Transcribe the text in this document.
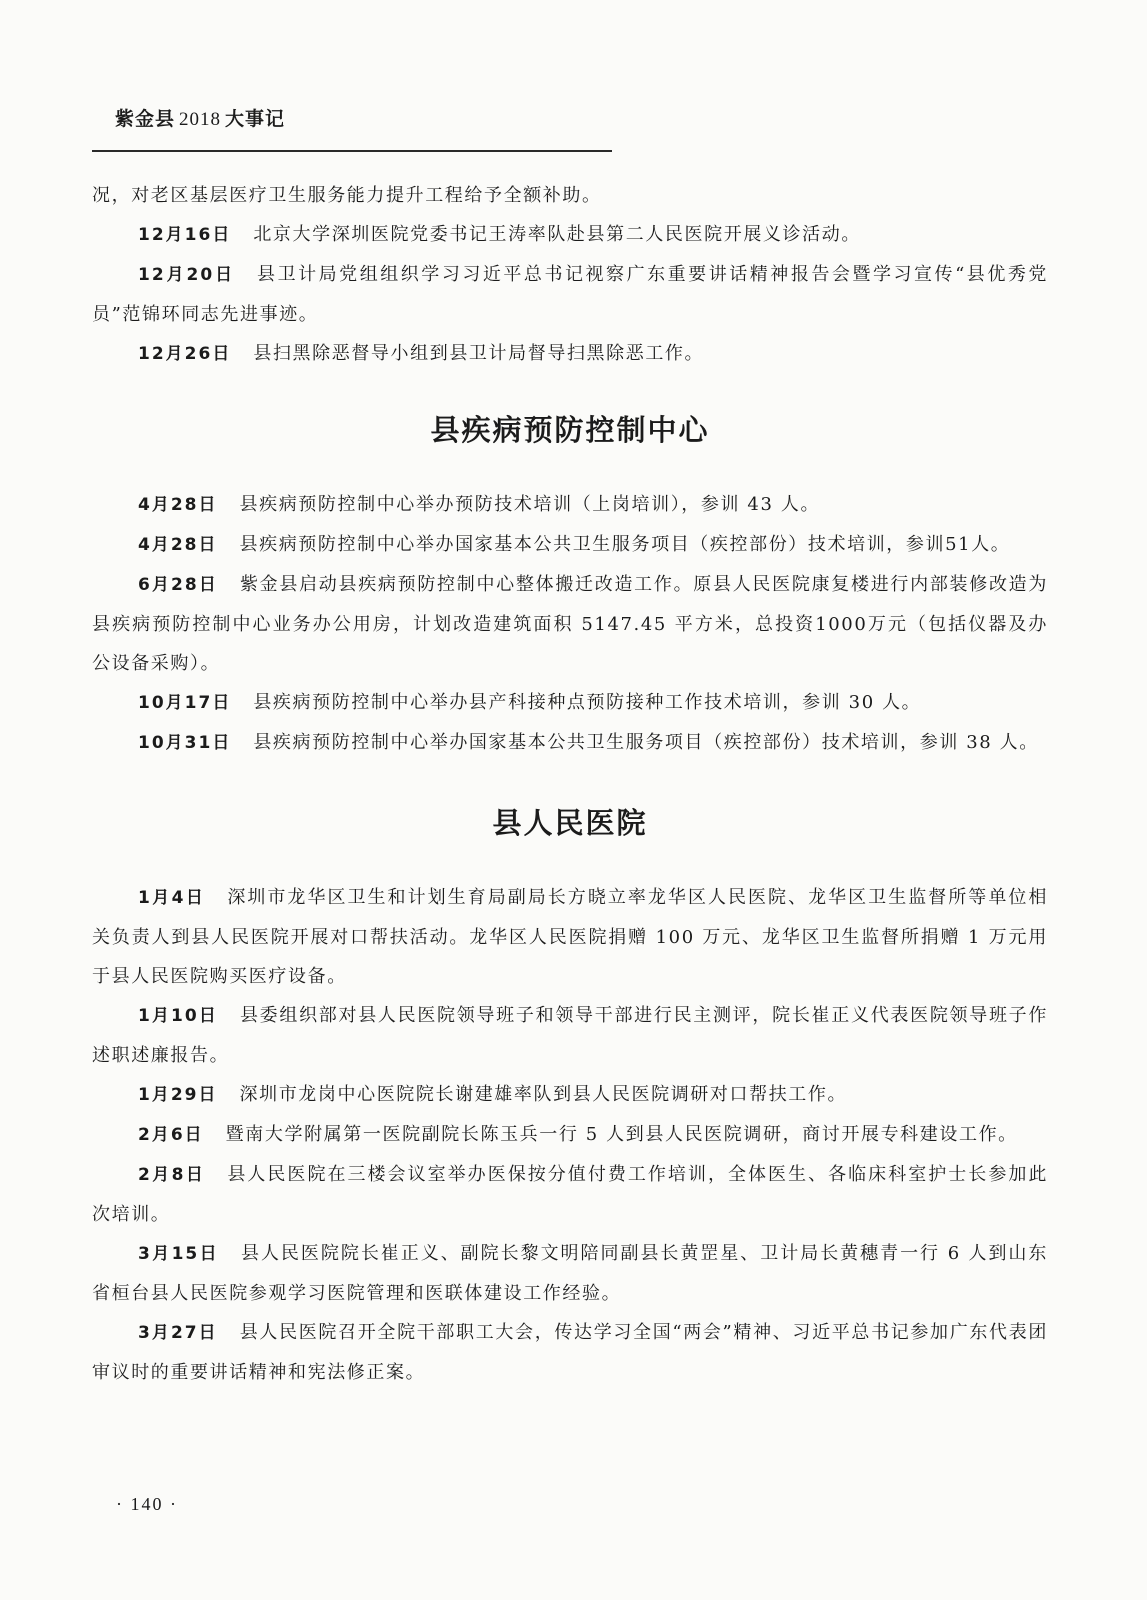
紫金县 2018 大事记

况，对老区基层医疗卫生服务能力提升工程给予全额补助。

12月16日 北京大学深圳医院党委书记王涛率队赴县第二人民医院开展义诊活动。

12月20日 县卫计局党组组织学习习近平总书记视察广东重要讲话精神报告会暨学习宣传“县优秀党员”范锦环同志先进事迹。

12月26日 县扫黑除恶督导小组到县卫计局督导扫黑除恶工作。

县疾病预防控制中心

4月28日 县疾病预防控制中心举办预防技术培训（上岗培训），参训 43 人。

4月28日 县疾病预防控制中心举办国家基本公共卫生服务项目（疾控部份）技术培训，参训51人。

6月28日 紫金县启动县疾病预防控制中心整体搬迁改造工作。原县人民医院康复楼进行内部装修改造为县疾病预防控制中心业务办公用房，计划改造建筑面积 5147.45 平方米，总投资1000万元（包括仪器及办公设备采购）。

10月17日 县疾病预防控制中心举办县产科接种点预防接种工作技术培训，参训 30 人。

10月31日 县疾病预防控制中心举办国家基本公共卫生服务项目（疾控部份）技术培训，参训 38 人。

县人民医院

1月4日 深圳市龙华区卫生和计划生育局副局长方晓立率龙华区人民医院、龙华区卫生监督所等单位相关负责人到县人民医院开展对口帮扶活动。龙华区人民医院捐赠 100 万元、龙华区卫生监督所捐赠 1 万元用于县人民医院购买医疗设备。

1月10日 县委组织部对县人民医院领导班子和领导干部进行民主测评，院长崔正义代表医院领导班子作述职述廉报告。

1月29日 深圳市龙岗中心医院院长谢建雄率队到县人民医院调研对口帮扶工作。

2月6日 暨南大学附属第一医院副院长陈玉兵一行 5 人到县人民医院调研，商讨开展专科建设工作。

2月8日 县人民医院在三楼会议室举办医保按分值付费工作培训，全体医生、各临床科室护士长参加此次培训。

3月15日 县人民医院院长崔正义、副院长黎文明陪同副县长黄罡星、卫计局长黄穗青一行 6 人到山东省桓台县人民医院参观学习医院管理和医联体建设工作经验。

3月27日 县人民医院召开全院干部职工大会，传达学习全国“两会”精神、习近平总书记参加广东代表团审议时的重要讲话精神和宪法修正案。

· 140 ·
